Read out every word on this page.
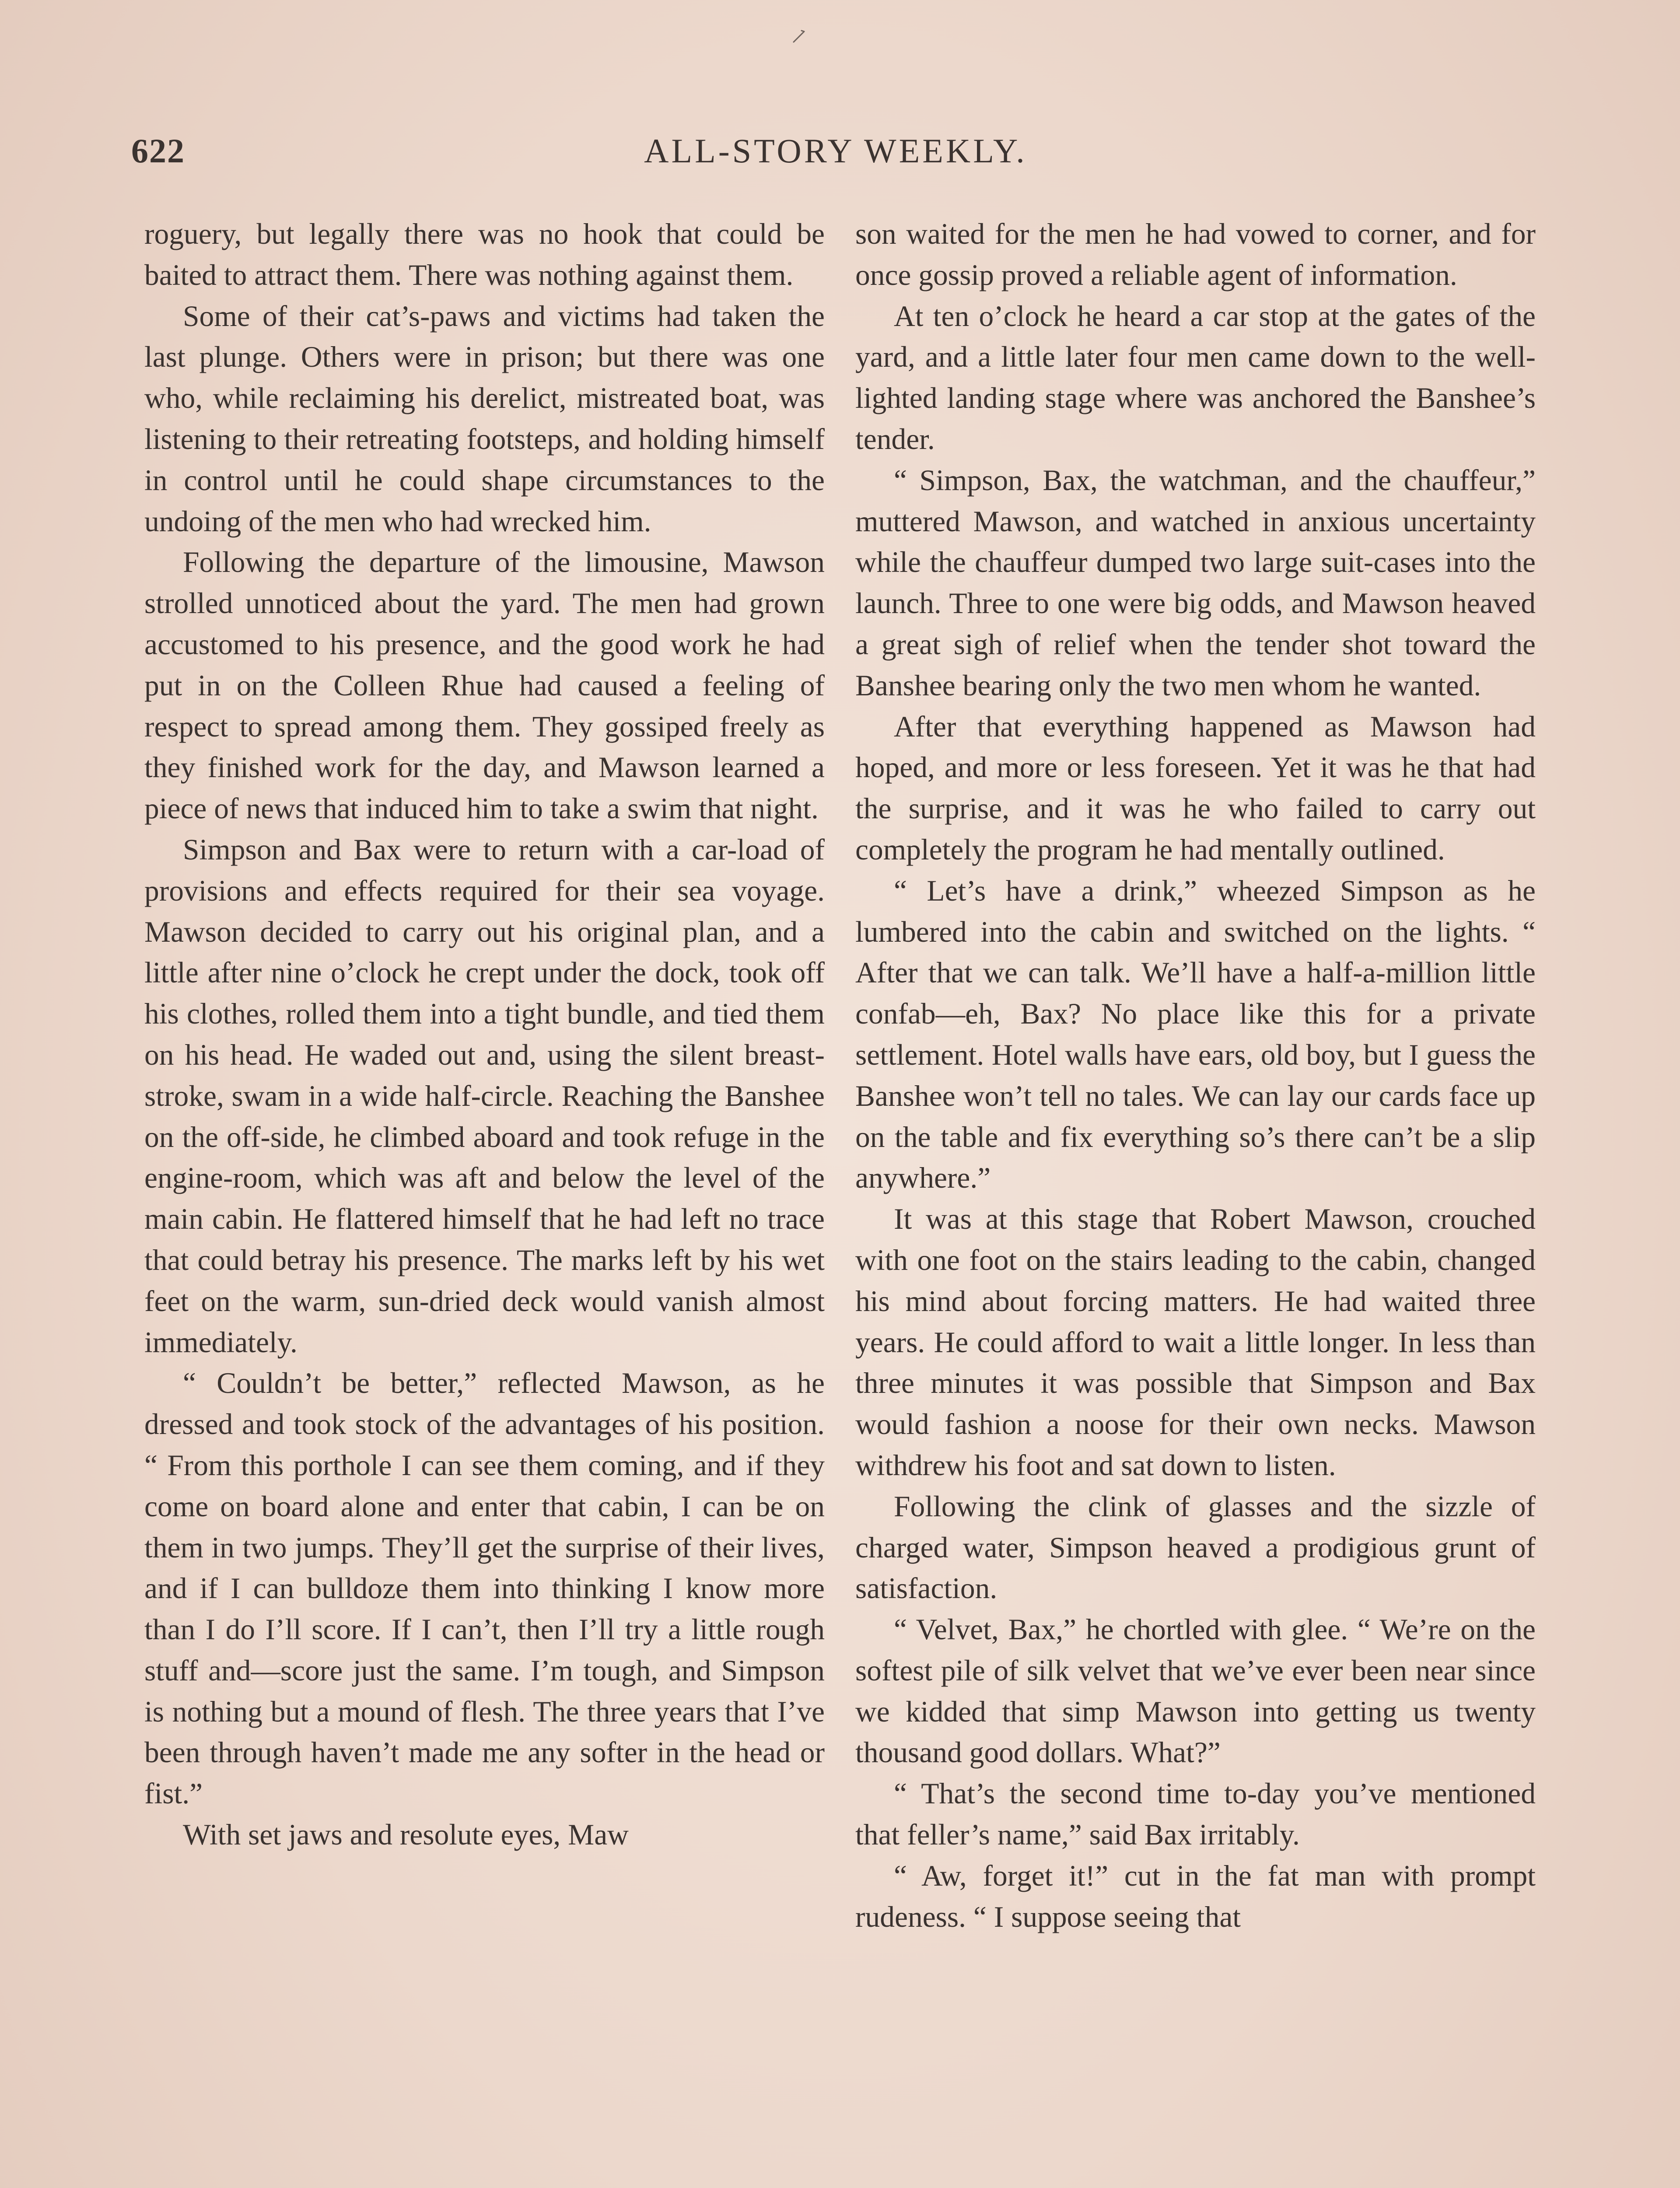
622	ALL-STORY WEEKLY.

roguery, but legally there was no hook that could be baited to attract them. There was nothing against them.

Some of their cat’s-paws and victims had taken the last plunge. Others were in prison; but there was one who, while reclaiming his derelict, mistreated boat, was listening to their retreating footsteps, and holding himself in control until he could shape circumstances to the undoing of the men who had wrecked him.

Following the departure of the limousine, Mawson strolled unnoticed about the yard. The men had grown accustomed to his presence, and the good work he had put in on the Colleen Rhue had caused a feeling of respect to spread among them. They gossiped freely as they finished work for the day, and Mawson learned a piece of news that induced him to take a swim that night.

Simpson and Bax were to return with a car-load of provisions and effects required for their sea voyage. Mawson decided to carry out his original plan, and a little after nine o’clock he crept under the dock, took off his clothes, rolled them into a tight bundle, and tied them on his head. He waded out and, using the silent breaststroke, swam in a wide half-circle. Reaching the Banshee on the off-side, he climbed aboard and took refuge in the engine-room, which was aft and below the level of the main cabin. He flattered himself that he had left no trace that could betray his presence. The marks left by his wet feet on the warm, sun-dried deck would vanish almost immediately.

“ Couldn’t be better,” reflected Mawson, as he dressed and took stock of the advantages of his position. “ From this porthole I can see them coming, and if they come on board alone and enter that cabin, I can be on them in two jumps. They’ll get the surprise of their lives, and if I can bulldoze them into thinking I know more than I do I’ll score. If I can’t, then I’ll try a little rough stuff and—score just the same. I’m tough, and Simpson is nothing but a mound of flesh. The three years that I’ve been through haven’t made me any softer in the head or fist.”

With set jaws and resolute eyes, Maw

son waited for the men he had vowed to corner, and for once gossip proved a reliable agent of information.

At ten o’clock he heard a car stop at the gates of the yard, and a little later four men came down to the well-lighted landing stage where was anchored the Banshee’s tender.

“ Simpson, Bax, the watchman, and the chauffeur,” muttered Mawson, and watched in anxious uncertainty while the chauffeur dumped two large suit-cases into the launch. Three to one were big odds, and Mawson heaved a great sigh of relief when the tender shot toward the Banshee bearing only the two men whom he wanted.

After that everything happened as Mawson had hoped, and more or less foreseen. Yet it was he that had the surprise, and it was he who failed to carry out completely the program he had mentally outlined.

“ Let’s have a drink,” wheezed Simpson as he lumbered into the cabin and switched on the lights. “ After that we can talk. We’ll have a half-a-million little confab—eh, Bax? No place like this for a private settlement. Hotel walls have ears, old boy, but I guess the Banshee won’t tell no tales. We can lay our cards face up on the table and fix everything so’s there can’t be a slip anywhere.”

It was at this stage that Robert Mawson, crouched with one foot on the stairs leading to the cabin, changed his mind about forcing matters. He had waited three years. He could afford to wait a little longer. In less than three minutes it was possible that Simpson and Bax would fashion a noose for their own necks. Mawson withdrew his foot and sat down to listen.

Following the clink of glasses and the sizzle of charged water, Simpson heaved a prodigious grunt of satisfaction.

“ Velvet, Bax,” he chortled with glee. “ We’re on the softest pile of silk velvet that we’ve ever been near since we kidded that simp Mawson into getting us twenty thousand good dollars. What?”

“ That’s the second time to-day you’ve mentioned that feller’s name,” said Bax irritably.

“ Aw, forget it!” cut in the fat man with prompt rudeness. “ I suppose seeing that
